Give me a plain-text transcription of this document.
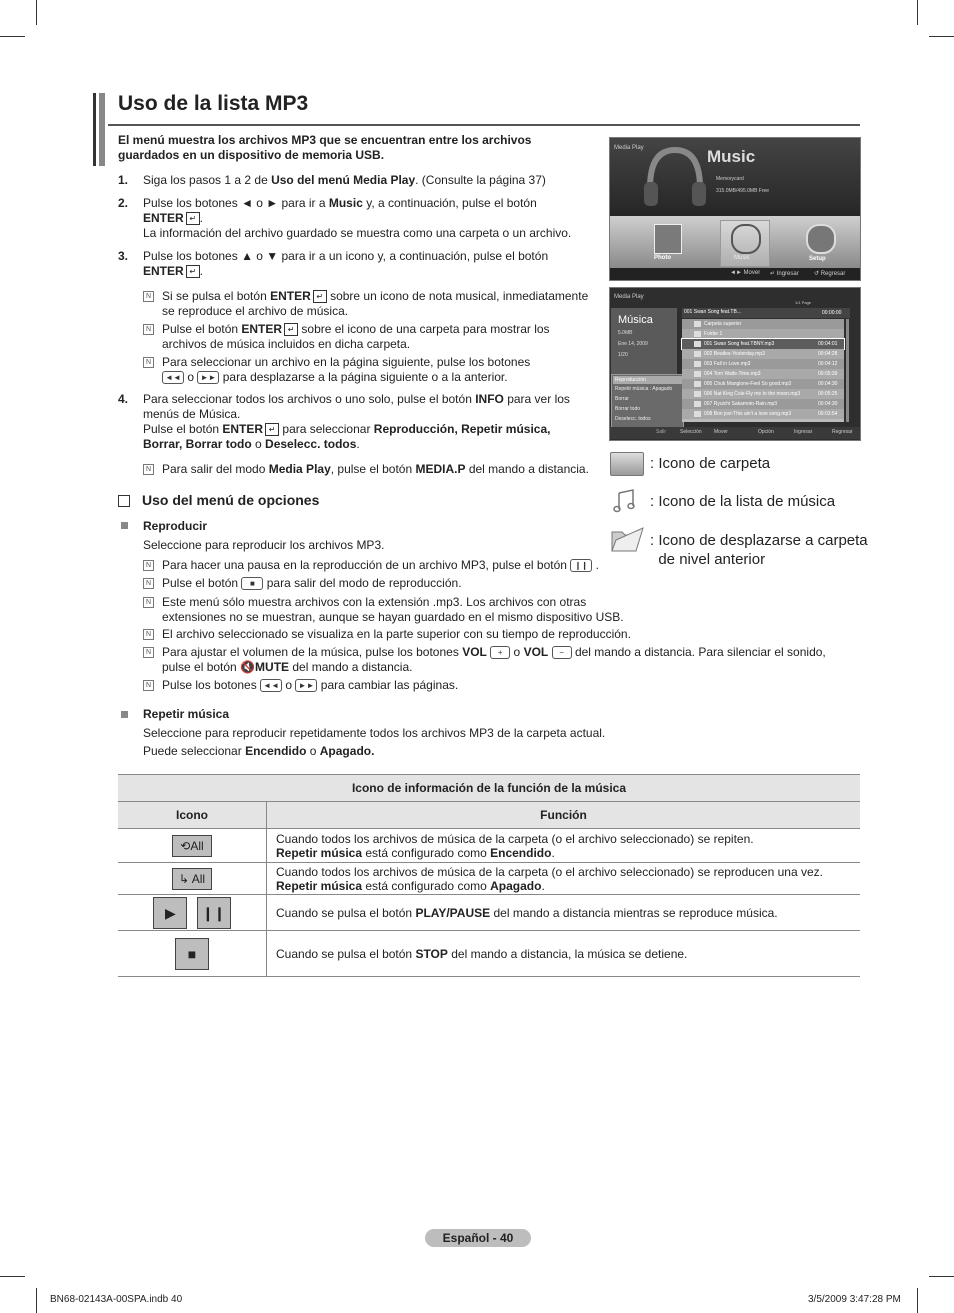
Uso de la lista MP3
El menú muestra los archivos MP3 que se encuentran entre los archivos guardados en un dispositivo de memoria USB.
1. Siga los pasos 1 a 2 de Uso del menú Media Play. (Consulte la página 37)
2. Pulse los botones ◄ o ► para ir a Music y, a continuación, pulse el botón
ENTER ↵ .
La información del archivo guardado se muestra como una carpeta o un archivo.
3. Pulse los botones ▲ o ▼ para ir a un icono y, a continuación, pulse el botón
ENTER ↵ .
N Si se pulsa el botón ENTER ↵ sobre un icono de nota musical, inmediatamente
se reproduce el archivo de música.
N Pulse el botón ENTER ↵ sobre el icono de una carpeta para mostrar los
archivos de música incluidos en dicha carpeta.
N Para seleccionar un archivo en la página siguiente, pulse los botones
◄◄ o ►► para desplazarse a la página siguiente o a la anterior.
4. Para seleccionar todos los archivos o uno solo, pulse el botón INFO para ver los
menús de Música.
Pulse el botón ENTER ↵ para seleccionar Reproducción, Repetir música,
Borrar, Borrar todo o Deselecc. todos.
N Para salir del modo Media Play, pulse el botón MEDIA.P del mando a distancia.
Media Play	Music
Memorycard
315.0MB/495.0MB Free
Photo	Music	Setup
◄► Mover ↵ Ingresar	↺ Regresar
Media Play
Música
5.0MB
Ene 14, 2009
1/20
Reproducción
Repetir música : Apagado
Borrar
Borrar todo
Deselecc. todos
1/1 Page
001 Swan Song feat.TB...	00:00:00
Carpeta superior
Folder 1
001 Swan Song feat.TBNY.mp3	00:04:01
002 Beatles-Yesterday.mp3	00:04:28
003 Fall in Love.mp3	00:04:12
004 Tom Waits-Time.mp3	00:05:39
005 Chuk Mangione-Feel So good.mp3	00:04:30
006 Nat King Cole-Fly me to the moon.mp3	00:05:25
007 Ryuichi Sakamoto-Rain.mp3	00:04:30
008 Bon jovi-This ain't a love song.mp3	00:03:54
Salir	Selección Mover	Opción	Ingresar	Regresar
: Icono de carpeta
: Icono de la lista de música
: Icono de desplazarse a carpeta
de nivel anterior
Uso del menú de opciones
Reproducir
Seleccione para reproducir los archivos MP3.
N Para hacer una pausa en la reproducción de un archivo MP3, pulse el botón ❙❙ .
N Pulse el botón ■ para salir del modo de reproducción.
N Este menú sólo muestra archivos con la extensión .mp3. Los archivos con otras
extensiones no se muestran, aunque se hayan guardado en el mismo dispositivo USB.
N El archivo seleccionado se visualiza en la parte superior con su tiempo de reproducción.
N Para ajustar el volumen de la música, pulse los botones VOL + o VOL − del mando a distancia. Para silenciar el sonido,
pulse el botón 🔇MUTE del mando a distancia.
N Pulse los botones ◄◄ o ►► para cambiar las páginas.
Repetir música
Seleccione para reproducir repetidamente todos los archivos MP3 de la carpeta actual.
Puede seleccionar Encendido o Apagado.
Icono de información de la función de la música	
Icono	Función
⟲All	Cuando todos los archivos de música de la carpeta (o el archivo seleccionado) se repiten.
Repetir música está configurado como Encendido.
↳ All	Cuando todos los archivos de música de la carpeta (o el archivo seleccionado) se reproducen una vez.
Repetir música está configurado como Apagado.
▶ ❙❙	Cuando se pulsa el botón PLAY/PAUSE del mando a distancia mientras se reproduce música.
■	Cuando se pulsa el botón STOP del mando a distancia, la música se detiene.
Español - 40
BN68-02143A-00SPA.indb 40	3/5/2009 3:47:28 PM
